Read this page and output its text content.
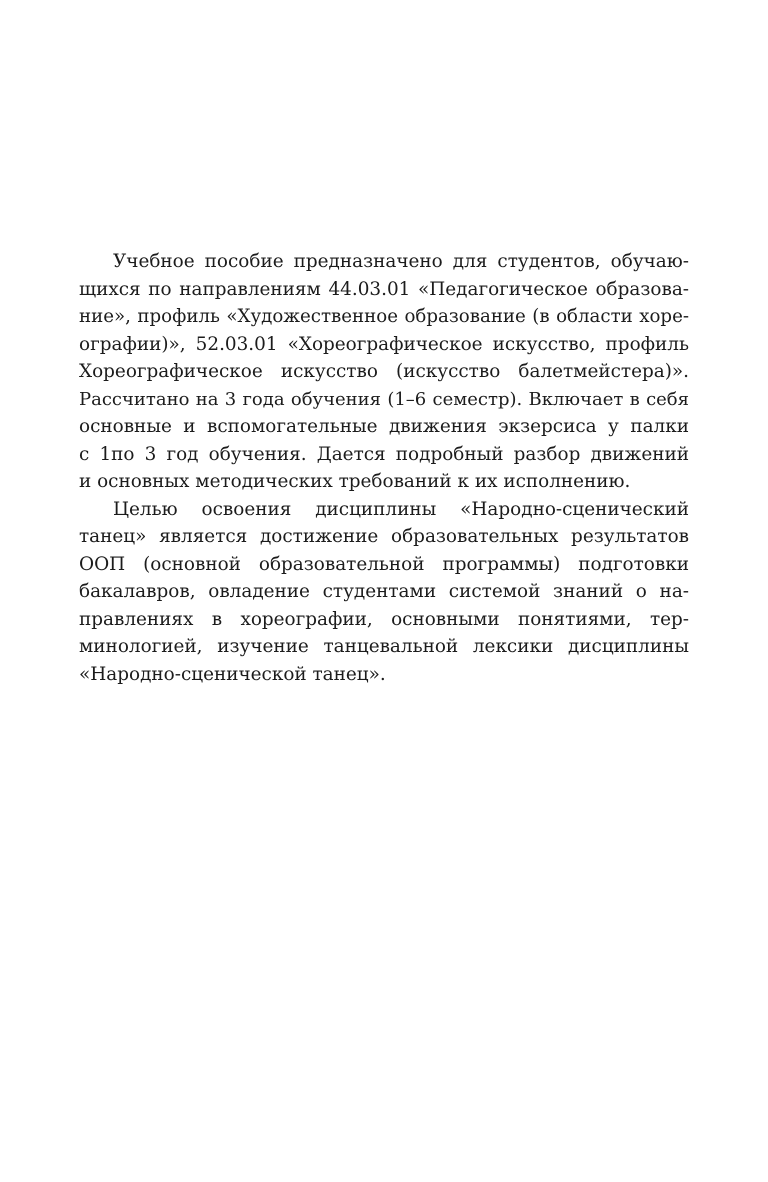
Учебное пособие предназначено для студентов, обучаю-
щихся по направлениям 44.03.01 «Педагогическое образова-
ние», профиль «Художественное образование (в области хоре-
ографии)», 52.03.01 «Хореографическое искусство, профиль
Хореографическое искусство (искусство балетмейстера)».
Рассчитано на 3 года обучения (1–6 семестр). Включает в себя
основные и вспомогательные движения экзерсиса у палки
с 1по 3 год обучения. Дается подробный разбор движений
и основных методических требований к их исполнению.
Целью освоения дисциплины «Народно-сценический
танец» является достижение образовательных результатов
ООП (основной образовательной программы) подготовки
бакалавров, овладение студентами системой знаний о на-
правлениях в хореографии, основными понятиями, тер-
минологией, изучение танцевальной лексики дисциплины
«Народно-сценической танец».
